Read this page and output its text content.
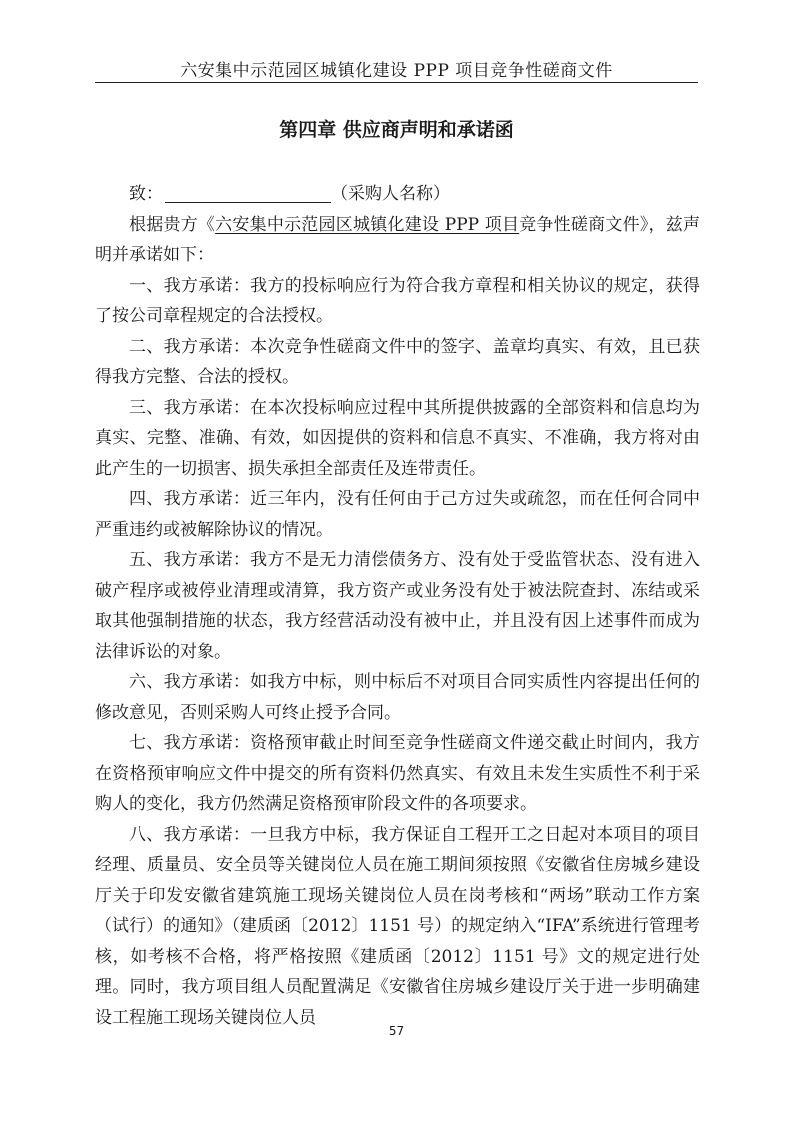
六安集中示范园区城镇化建设 PPP 项目竞争性磋商文件
第四章 供应商声明和承诺函

致：	（采购人名称）

根据贵方《六安集中示范园区城镇化建设 PPP 项目竞争性磋商文件》，兹声明并承诺如下：

一、我方承诺：我方的投标响应行为符合我方章程和相关协议的规定，获得了按公司章程规定的合法授权。

二、我方承诺：本次竞争性磋商文件中的签字、盖章均真实、有效，且已获得我方完整、合法的授权。

三、我方承诺：在本次投标响应过程中其所提供披露的全部资料和信息均为真实、完整、准确、有效，如因提供的资料和信息不真实、不准确，我方将对由此产生的一切损害、损失承担全部责任及连带责任。

四、我方承诺：近三年内，没有任何由于己方过失或疏忽，而在任何合同中严重违约或被解除协议的情况。

五、我方承诺：我方不是无力清偿债务方、没有处于受监管状态、没有进入破产程序或被停业清理或清算，我方资产或业务没有处于被法院查封、冻结或采取其他强制措施的状态，我方经营活动没有被中止，并且没有因上述事件而成为法律诉讼的对象。

六、我方承诺：如我方中标，则中标后不对项目合同实质性内容提出任何的修改意见，否则采购人可终止授予合同。

七、我方承诺：资格预审截止时间至竞争性磋商文件递交截止时间内，我方在资格预审响应文件中提交的所有资料仍然真实、有效且未发生实质性不利于采购人的变化，我方仍然满足资格预审阶段文件的各项要求。

八、我方承诺：一旦我方中标，我方保证自工程开工之日起对本项目的项目经理、质量员、安全员等关键岗位人员在施工期间须按照《安徽省住房城乡建设厅关于印发安徽省建筑施工现场关键岗位人员在岗考核和“两场”联动工作方案（试行）的通知》（建质函〔2012〕1151 号）的规定纳入“IFA”系统进行管理考核，如考核不合格，将严格按照《建质函〔2012〕1151 号》文的规定进行处理。同时，我方项目组人员配置满足《安徽省住房城乡建设厅关于进一步明确建设工程施工现场关键岗位人员

57
